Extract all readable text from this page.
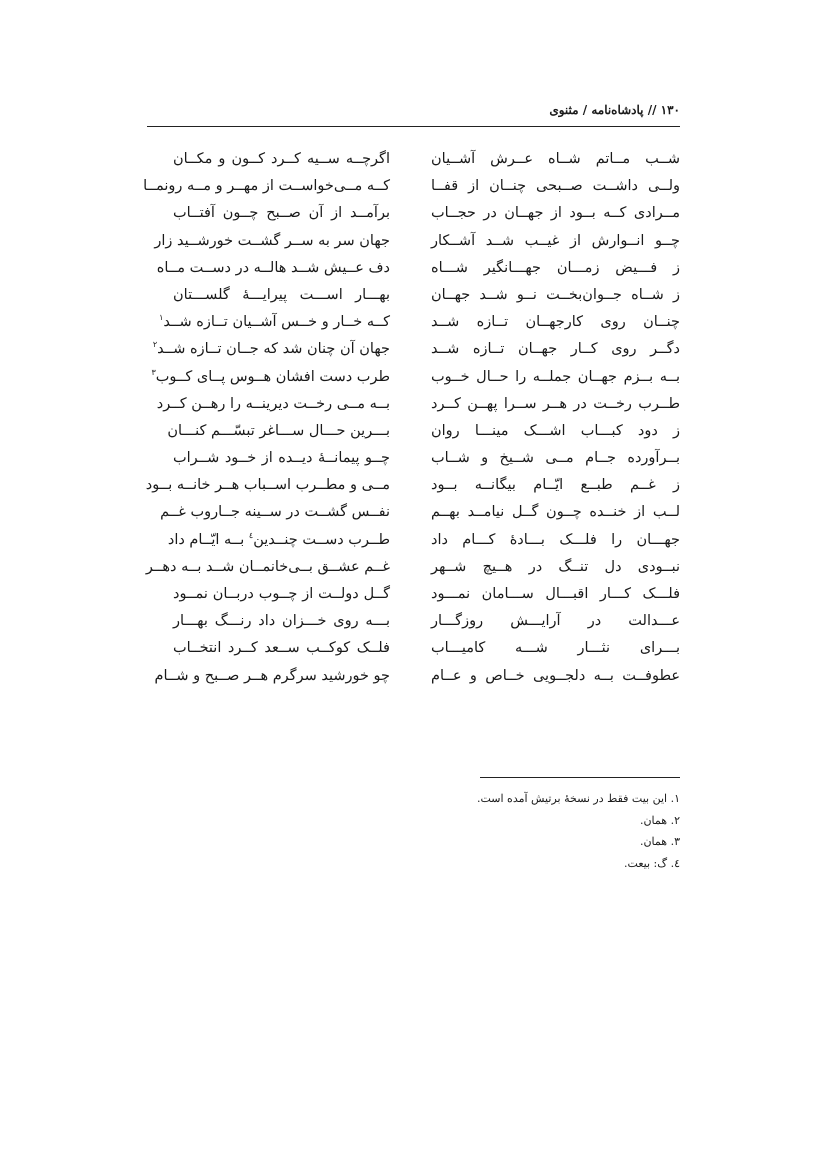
١٣٠ // پادشاه‌نامه / مثنوی
شــب مــاتم شــاه عــرش آشــیان
ولــی داشــت صــبحی چنــان از قفــا
مــرادی کــه بــود از جهــان در حجــاب
چــو انــوارش از غیــب شــد آشــکار
ز فـــیض زمـــان جهـــانگیر شـــاه
ز شــاه جــوان‌بخــت نــو شــد جهــان
چنــان روی کارجهــان تــازه شــد
دگــر روی کــار جهــان تــازه شــد
بــه بــزم جهــان جملــه را حــال خــوب
طــرب رخــت در هــر ســرا پهــن کــرد
ز دود کبـــاب اشـــک مینـــا روان
بــرآورده جــام مــی شــیخ و شــاب
ز غــم طبــع ایّــام بیگانــه بــود
لــب از خنــده چــون گــل نیامــد بهــم
جهـــان را فلـــک بـــادهٔ کـــام داد
نبــودی دل تنــگ در هــیچ شــهر
فلـــک کـــار اقبـــال ســـامان نمـــود
عـــدالت در آرایـــش روزگـــار
بـــرای نثـــار شـــه کامیـــاب
عطوفــت بــه دلجــویی خــاص و عــام
اگرچــه ســیه کــرد کــون و مکــان
کــه مــی‌خواســت از مهــر و مــه رونمــا
برآمــد از آن صــبح چــون آفتــاب
جهان سر به ســر گشــت خورشــید زار
دف عــیش شــد هالــه در دســت مــاه
بهـــار اســـت پیرایـــهٔ گلســـتان
کــه خــار و خــس آشــیان تــازه شــد$^١$
جهان آن چنان شد که جــان تــازه شــد$^٢$
طرب دست افشان هــوس پــای کــوب$^٣$
بــه مــی رخــت دیرینــه را رهــن کــرد
بـــرین حـــال ســـاغر تبسّـــم کنـــان
چــو پیمانــهٔ دیــده از خــود شــراب
مــی و مطــرب اســباب هــر خانــه بــود
نفــس گشــت در ســینه جــاروب غــم
طــرب دســت چنــدین$^٤$ بــه ایّــام داد
غــم عشــق بــی‌خانمــان شــد بــه دهــر
گــل دولــت از چــوب دربــان نمــود
بـــه روی خـــزان داد رنـــگ بهـــار
فلــک کوکــب ســعد کــرد انتخــاب
چو خورشید سرگرم هــر صــبح و شــام
١. این بیت فقط در نسخهٔ برتیش آمده است.
٢. همان.
٣. همان.
٤. گ: بیعت.
